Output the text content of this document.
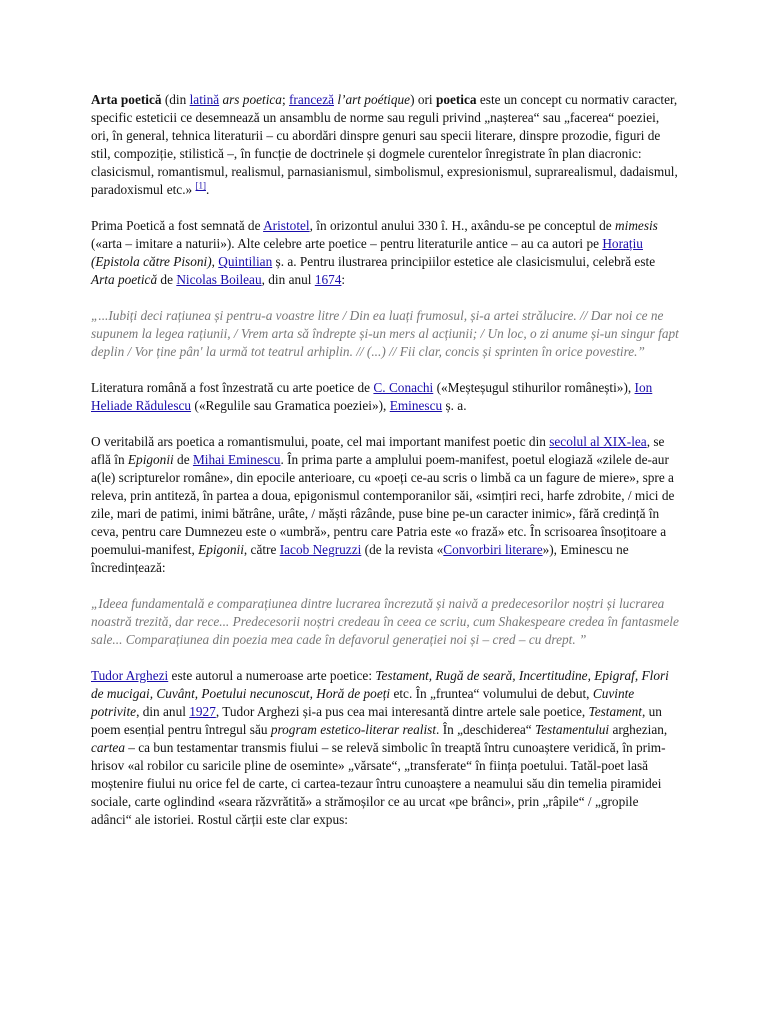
Arta poetică (din latină ars poetica; franceză l’art poétique) ori poetica este un concept cu normativ caracter, specific esteticii ce desemnează un ansamblu de norme sau reguli privind „nașterea“ sau „facerea“ poeziei, ori, în general, tehnica literaturii – cu abordări dinspre genuri sau specii literare, dinspre prozodie, figuri de stil, compoziție, stilistică –, în funcție de doctrinele și dogmele curentelor înregistrate în plan diacronic: clasicismul, romantismul, realismul, parnasianismul, simbolismul, expresionismul, suprarealismul, dadaismul, paradoxismul etc.» [1].

Prima Poetică a fost semnată de Aristotel, în orizontul anului 330 î. H., axându-se pe conceptul de mimesis («arta – imitare a naturii»). Alte celebre arte poetice – pentru literaturile antice – au ca autori pe Horațiu (Epistola către Pisoni), Quintilian ș. a. Pentru ilustrarea principiilor estetice ale clasicismului, celebră este Arta poetică de Nicolas Boileau, din anul 1674:

„...Iubiți deci rațiunea și pentru-a voastre litre / Din ea luați frumosul, și-a artei strălucire. // Dar noi ce ne supunem la legea rațiunii, / Vrem arta să îndrepte și-un mers al acțiunii; / Un loc, o zi anume și-un singur fapt deplin / Vor ține pân' la urmă tot teatrul arhiplin. // (...) // Fii clar, concis și sprinten în orice povestire.”

Literatura română a fost înzestrată cu arte poetice de C. Conachi («Meșteșugul stihurilor românești»), Ion Heliade Rădulescu («Regulile sau Gramatica poeziei»), Eminescu ș. a.

O veritabilă ars poetica a romantismului, poate, cel mai important manifest poetic din secolul al XIX-lea, se află în Epigonii de Mihai Eminescu. În prima parte a amplului poem-manifest, poetul elogiază «zilele de-aur a(le) scripturelor române», din epocile anterioare, cu «poeți ce-au scris o limbă ca un fagure de miere», spre a releva, prin antiteză, în partea a doua, epigonismul contemporanilor săi, «simțiri reci, harfe zdrobite, / mici de zile, mari de patimi, inimi bătrâne, urâte, / măști râzânde, puse bine pe-un caracter inimic», fără credință în ceva, pentru care Dumnezeu este o «umbră», pentru care Patria este «o frază» etc. În scrisoarea însoțitoare a poemului-manifest, Epigonii, către Iacob Negruzzi (de la revista «Convorbiri literare»), Eminescu ne încredințează:

„Ideea fundamentală e comparațiunea dintre lucrarea încrezută și naivă a predecesorilor noștri și lucrarea noastră trezită, dar rece... Predecesorii noștri credeau în ceea ce scriu, cum Shakespeare credea în fantasmele sale... Comparațiunea din poezia mea cade în defavorul generației noi și – cred – cu drept. ”

Tudor Arghezi este autorul a numeroase arte poetice: Testament, Rugă de seară, Incertitudine, Epigraf, Flori de mucigai, Cuvânt, Poetului necunoscut, Horă de poeți etc. În „fruntea“ volumului de debut, Cuvinte potrivite, din anul 1927, Tudor Arghezi și-a pus cea mai interesantă dintre artele sale poetice, Testament, un poem esențial pentru întregul său program estetico-literar realist. În „deschiderea“ Testamentului arghezian, cartea – ca bun testamentar transmis fiului – se relevă simbolic în treaptă întru cunoaștere veridică, în prim-hrisov «al robilor cu saricile pline de oseminte» „vărsate“, „transferate“ în ființa poetului. Tatăl-poet lasă moștenire fiului nu orice fel de carte, ci cartea-tezaur întru cunoaștere a neamului său din temelia piramidei sociale, carte oglindind «seara răzvrătită» a strămoșilor ce au urcat «pe brânci», prin „râpile“ / „gropile adânci“ ale istoriei. Rostul cărții este clar expus:
